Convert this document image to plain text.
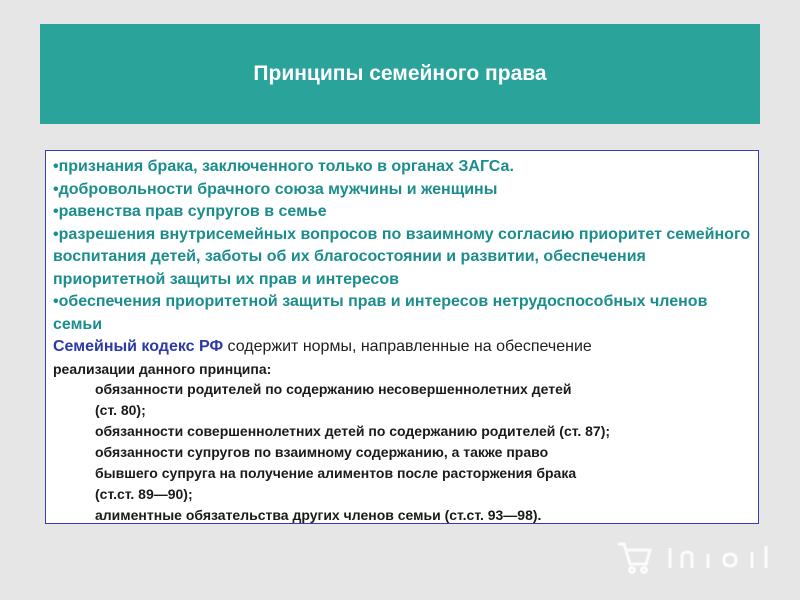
Принципы семейного права

•признания брака, заключенного только в органах ЗАГСа.

•добровольности брачного союза мужчины и женщины

•равенства прав супругов в семье

•разрешения внутрисемейных вопросов по взаимному согласию приоритет семейного воспитания детей, заботы об их благосостоянии и развитии, обеспечения приоритетной защиты их прав и интересов

•обеспечения приоритетной защиты прав и интересов нетрудоспособных членов семьи

Семейный кодекс РФ содержит нормы, направленные на обеспечение

реализации данного принципа:

обязанности родителей по содержанию несовершеннолетних детей

(ст. 80);

обязанности совершеннолетних детей по содержанию родителей (ст. 87);

обязанности супругов по взаимному содержанию, а также право

бывшего супруга на получение алиментов после расторжения брака

(ст.ст. 89—90);

алиментные обязательства других членов семьи (ст.ст. 93—98).
